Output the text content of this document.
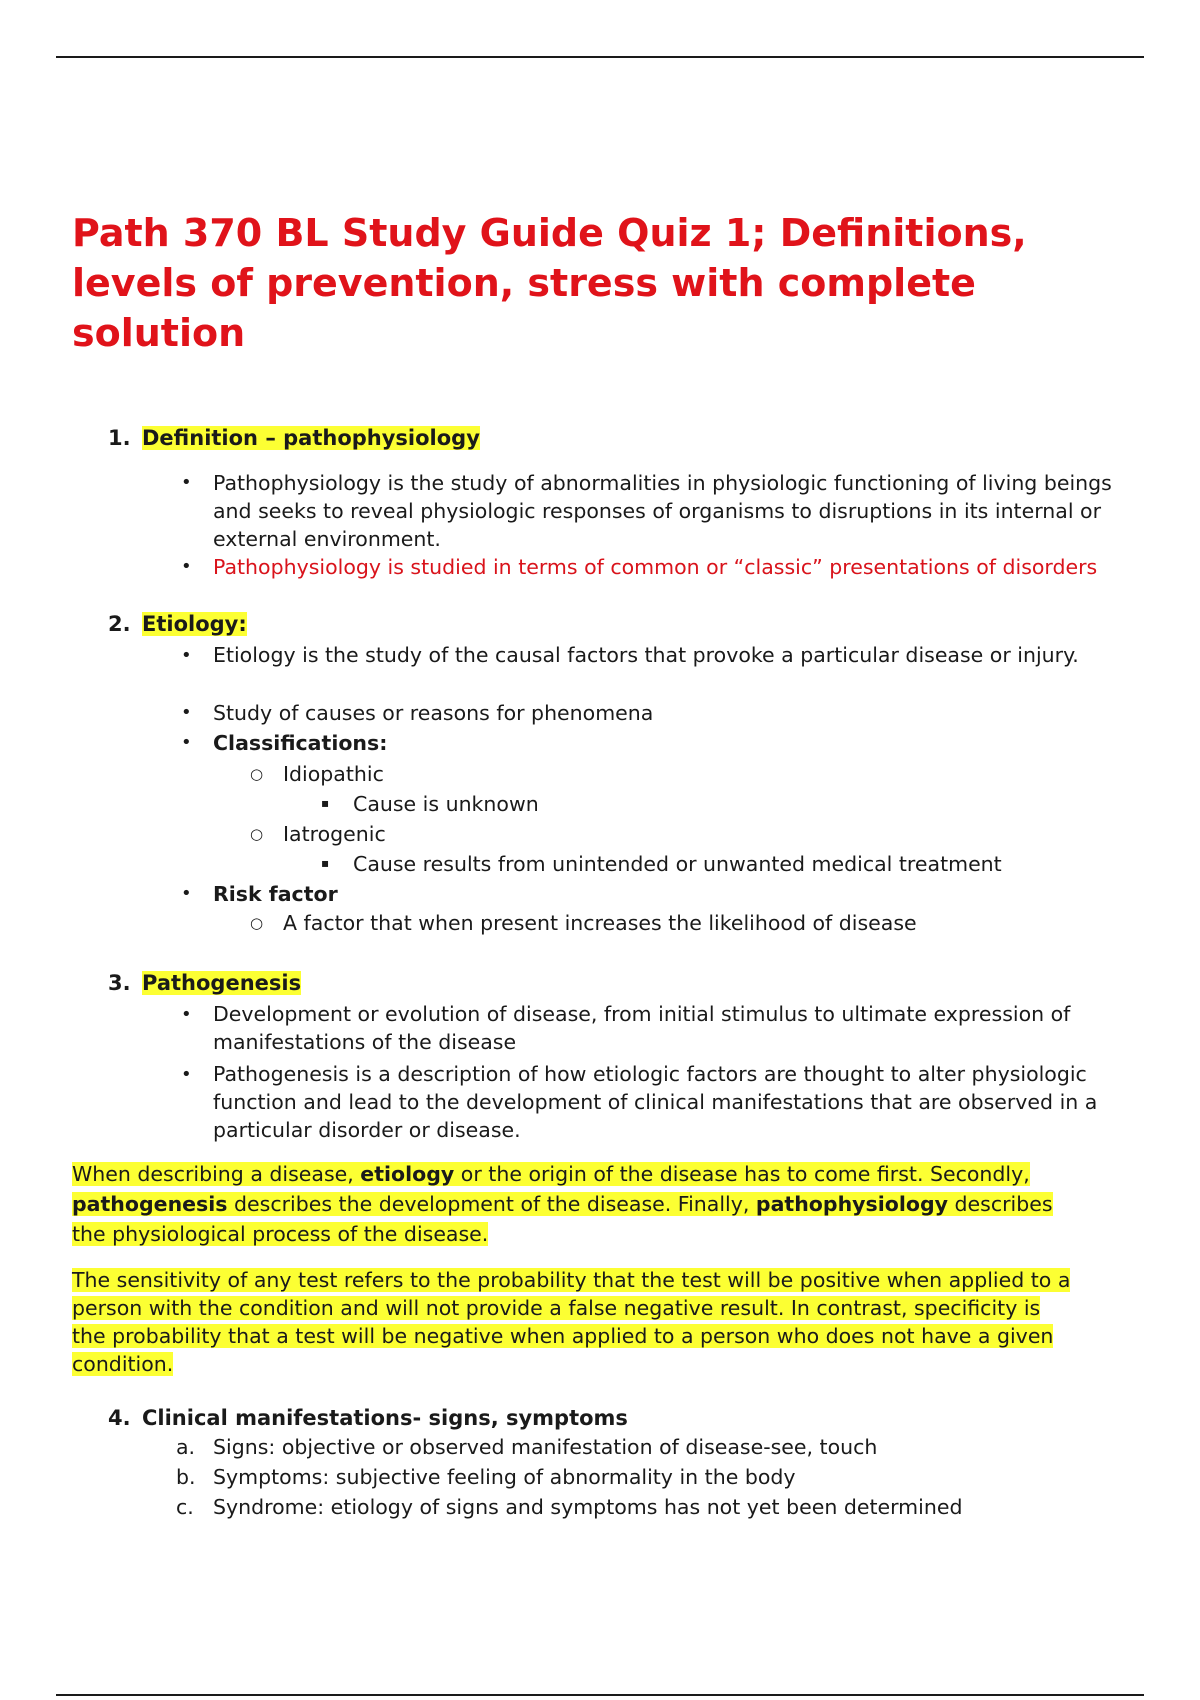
Path 370 BL Study Guide Quiz 1; Definitions, levels of prevention, stress with complete solution
1. Definition – pathophysiology
• Pathophysiology is the study of abnormalities in physiologic functioning of living beings and seeks to reveal physiologic responses of organisms to disruptions in its internal or external environment.
• Pathophysiology is studied in terms of common or “classic” presentations of disorders
2. Etiology:
• Etiology is the study of the causal factors that provoke a particular disease or injury.
• Study of causes or reasons for phenomena
• Classifications:
○ Idiopathic
▪ Cause is unknown
○ Iatrogenic
▪ Cause results from unintended or unwanted medical treatment
• Risk factor
○ A factor that when present increases the likelihood of disease
3. Pathogenesis
• Development or evolution of disease, from initial stimulus to ultimate expression of manifestations of the disease
• Pathogenesis is a description of how etiologic factors are thought to alter physiologic function and lead to the development of clinical manifestations that are observed in a particular disorder or disease.
When describing a disease, etiology or the origin of the disease has to come first. Secondly, pathogenesis describes the development of the disease. Finally, pathophysiology describes the physiological process of the disease.
The sensitivity of any test refers to the probability that the test will be positive when applied to a person with the condition and will not provide a false negative result. In contrast, specificity is the probability that a test will be negative when applied to a person who does not have a given condition.
4. Clinical manifestations- signs, symptoms
a. Signs: objective or observed manifestation of disease-see, touch
b. Symptoms: subjective feeling of abnormality in the body
c. Syndrome: etiology of signs and symptoms has not yet been determined
